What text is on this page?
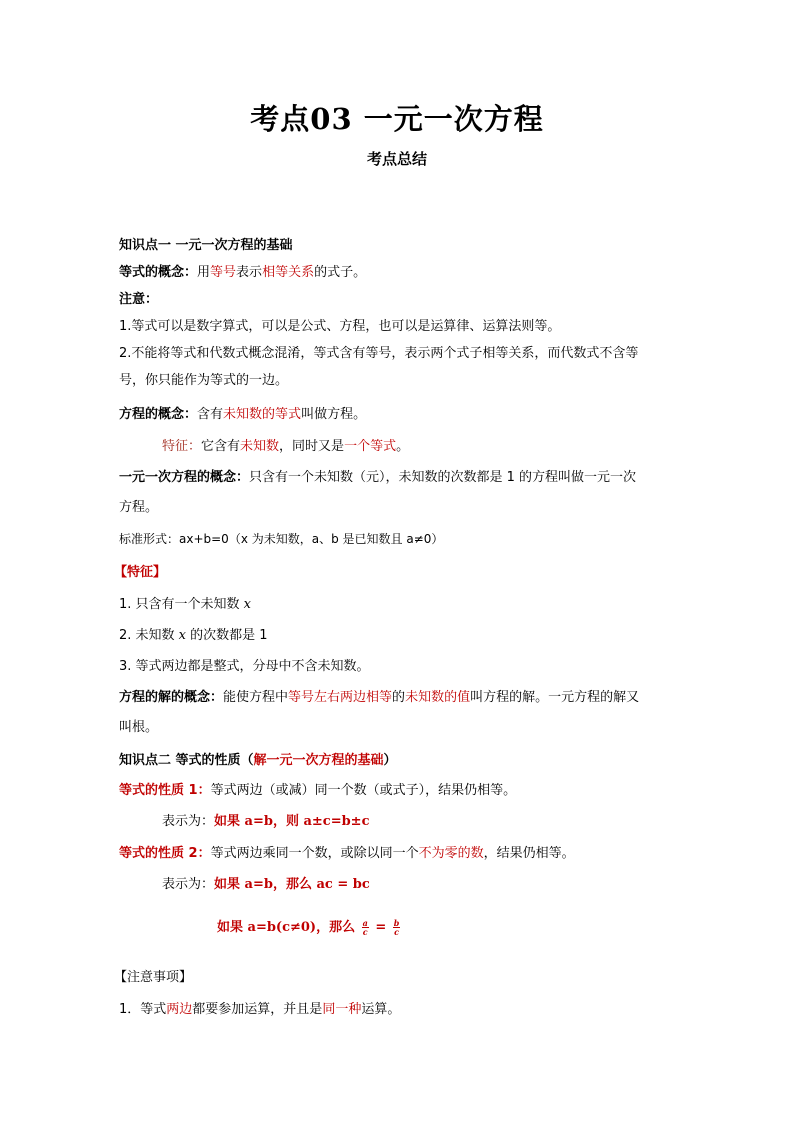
考点03 一元一次方程
考点总结
知识点一 一元一次方程的基础
等式的概念：用等号表示相等关系的式子。
注意：
1.等式可以是数字算式，可以是公式、方程，也可以是运算律、运算法则等。
2.不能将等式和代数式概念混淆，等式含有等号，表示两个式子相等关系，而代数式不含等
号，你只能作为等式的一边。
方程的概念：含有未知数的等式叫做方程。
特征：它含有未知数，同时又是一个等式。
一元一次方程的概念：只含有一个未知数（元），未知数的次数都是 1 的方程叫做一元一次
方程。
标准形式：ax+b=0（x 为未知数，a、b 是已知数且 a≠0）
【特征】
1. 只含有一个未知数 x
2. 未知数 x 的次数都是 1
3. 等式两边都是整式，分母中不含未知数。
方程的解的概念：能使方程中等号左右两边相等的未知数的值叫方程的解。一元方程的解又
叫根。
知识点二 等式的性质（解一元一次方程的基础）
等式的性质 1：等式两边（或减）同一个数（或式子），结果仍相等。
表示为：如果 a=b，则 a±c=b±c
等式的性质 2：等式两边乘同一个数，或除以同一个不为零的数，结果仍相等。
表示为：如果 a=b，那么 ac = bc
如果 a=b(c≠0)，那么 $\frac{a}{c} = \frac{b}{c}$
【注意事项】
1．等式两边都要参加运算，并且是同一种运算。
